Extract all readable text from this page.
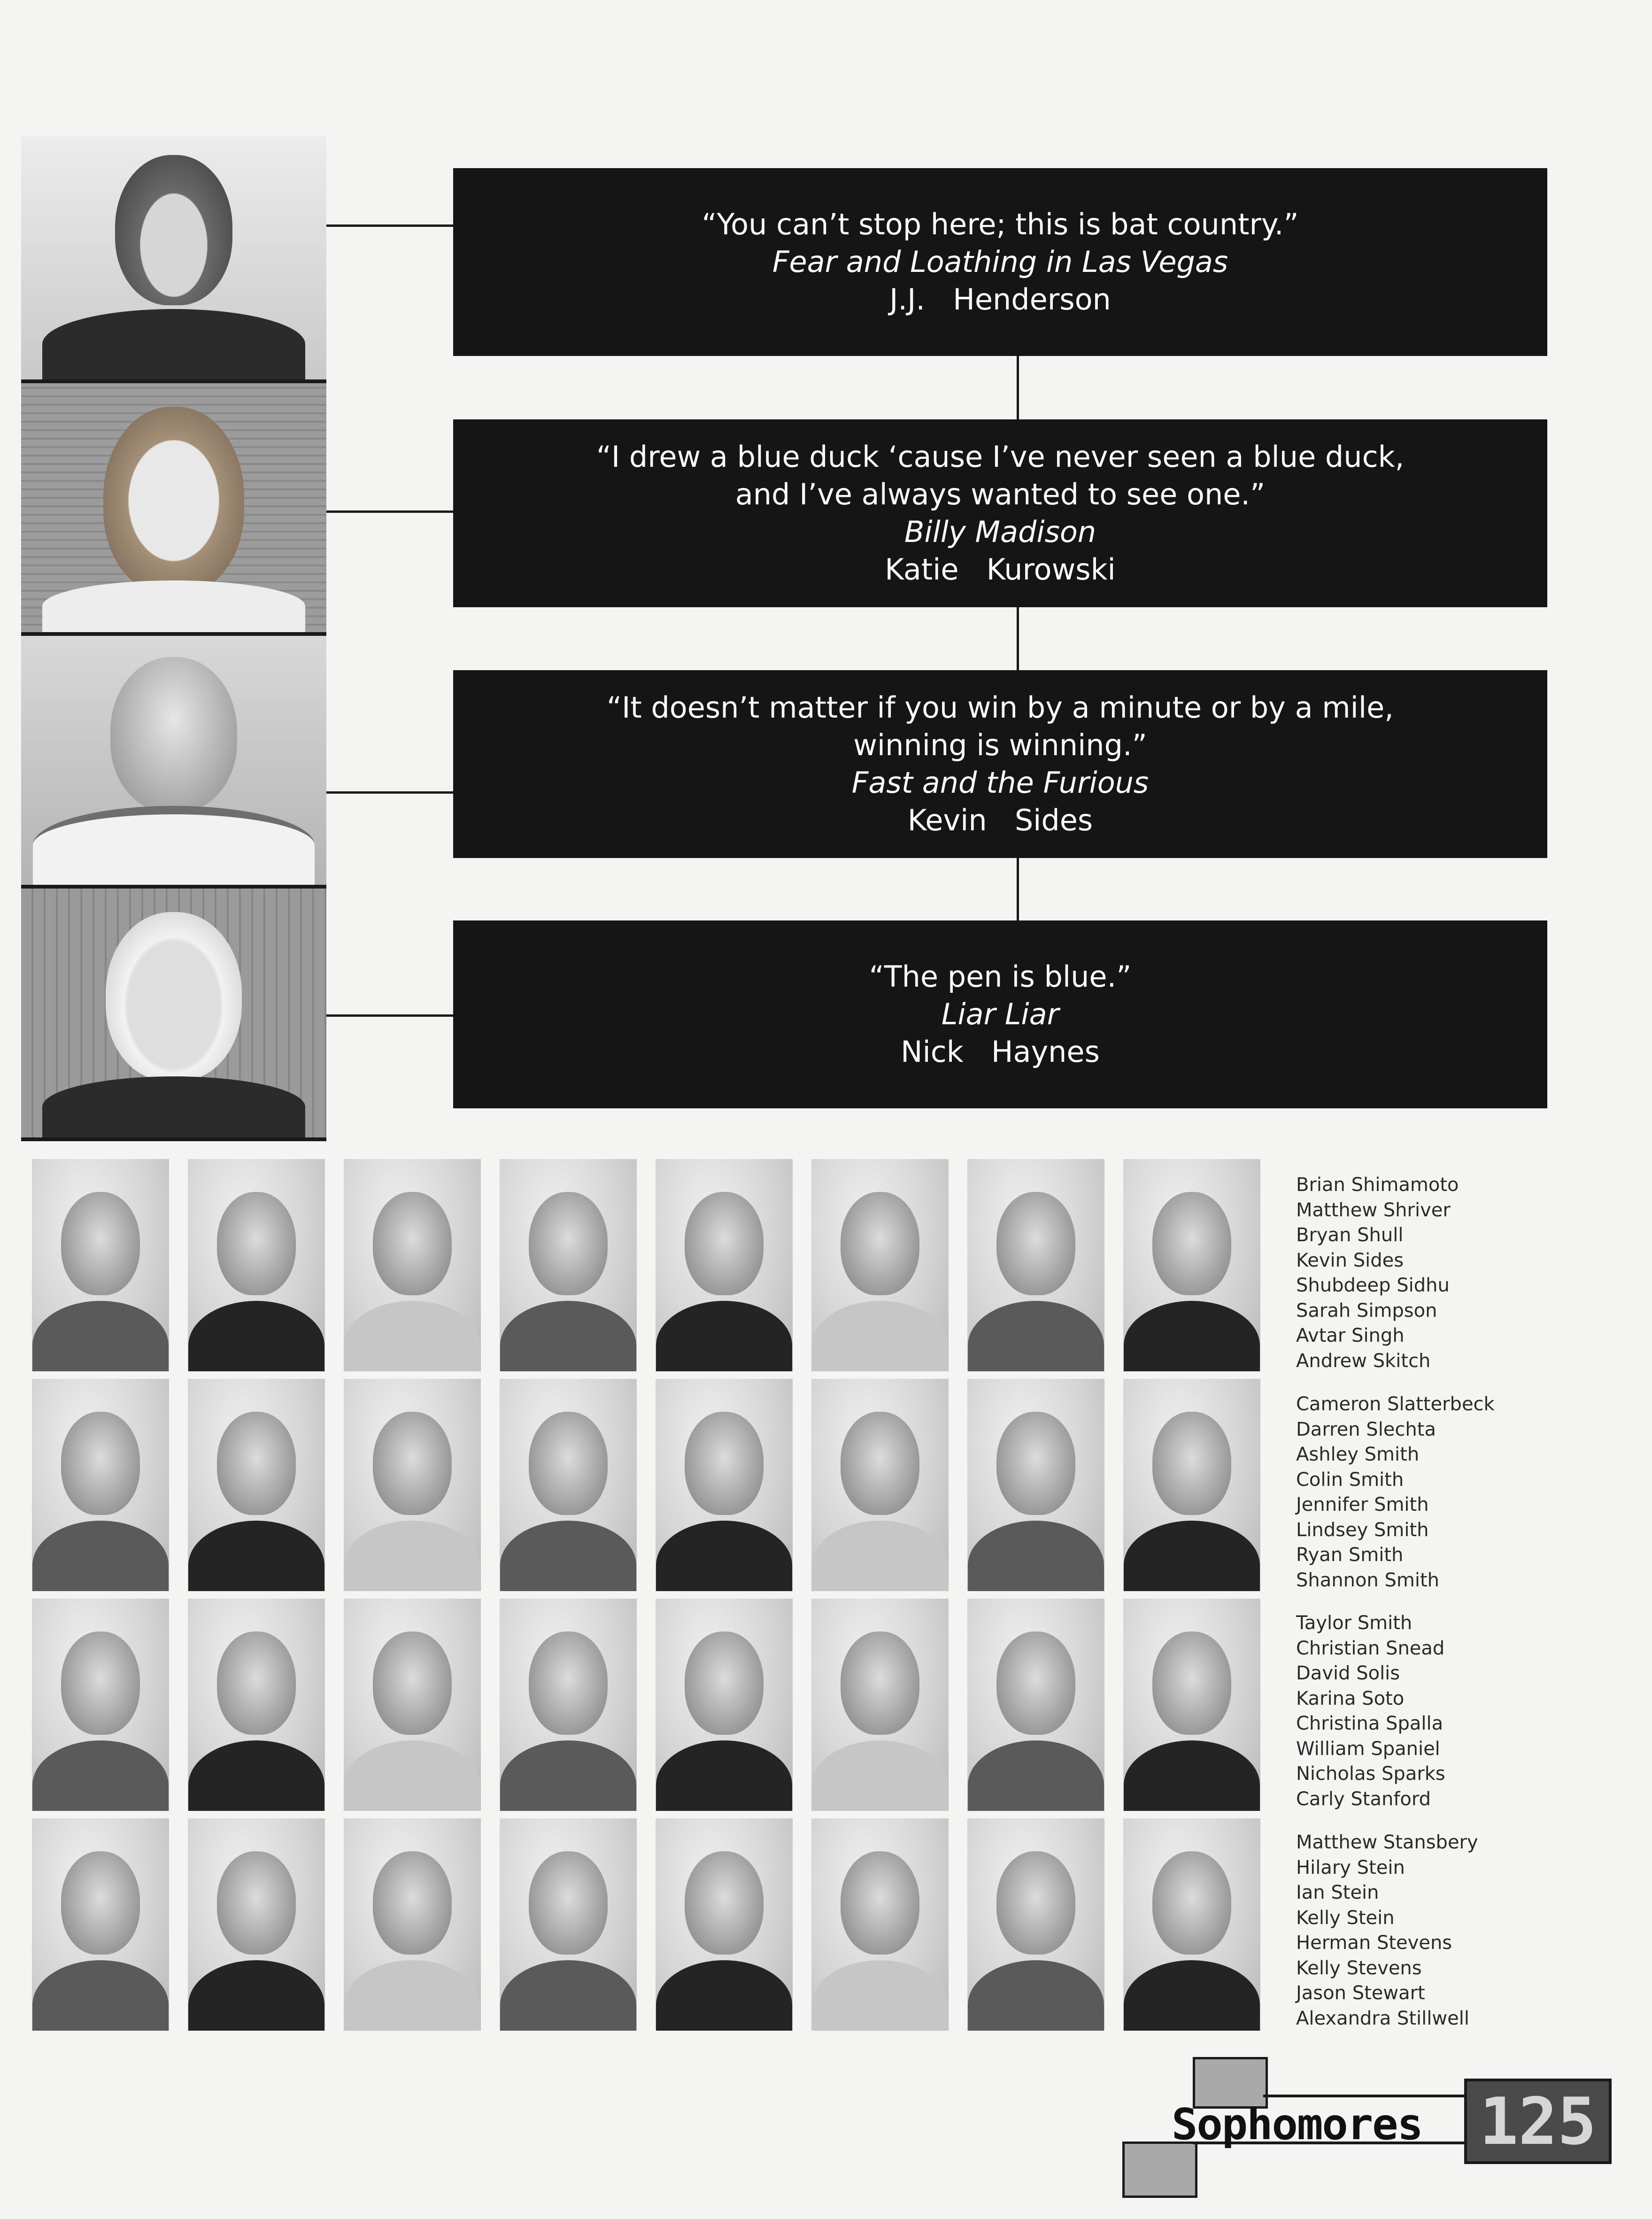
“You can’t stop here; this is bat country.”
Fear and Loathing in Las Vegas
J.J.   Henderson
“I drew a blue duck ‘cause I’ve never seen a blue duck, and I’ve always wanted to see one.”
Billy Madison
Katie   Kurowski
“It doesn’t matter if you win by a minute or by a mile, winning is winning.”
Fast and the Furious
Kevin   Sides
“The pen is blue.”
Liar Liar
Nick   Haynes
Brian Shimamoto
Matthew Shriver
Bryan Shull
Kevin Sides
Shubdeep Sidhu
Sarah Simpson
Avtar Singh
Andrew Skitch
Cameron Slatterbeck
Darren Slechta
Ashley Smith
Colin Smith
Jennifer Smith
Lindsey Smith
Ryan Smith
Shannon Smith
Taylor Smith
Christian Snead
David Solis
Karina Soto
Christina Spalla
William Spaniel
Nicholas Sparks
Carly Stanford
Matthew Stansbery
Hilary Stein
Ian Stein
Kelly Stein
Herman Stevens
Kelly Stevens
Jason Stewart
Alexandra Stillwell
Sophomores 125
